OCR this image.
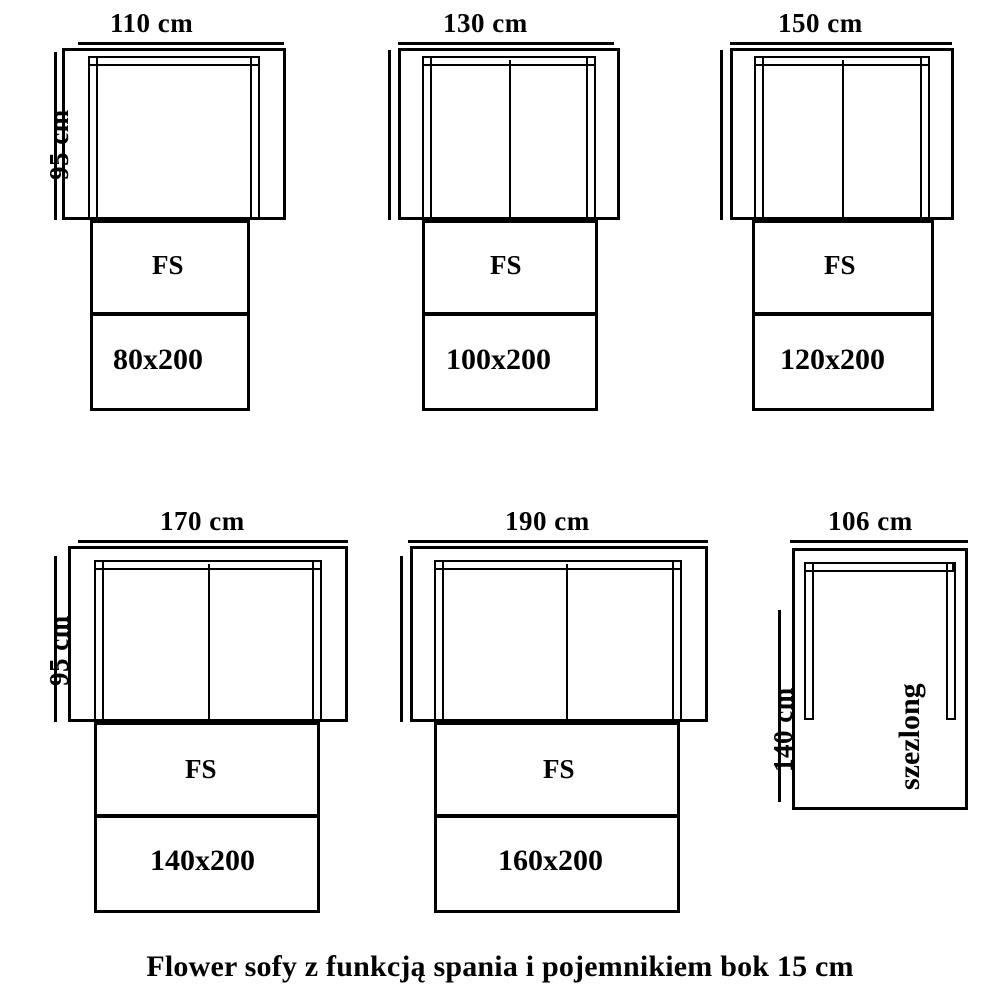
110 cm
95 cm
FS
80x200
130 cm
FS
100x200
150 cm
FS
120x200
170 cm
95 cm
FS
140x200
190 cm
FS
160x200
106 cm
140 cm	szezlong
Flower sofy z funkcją spania i pojemnikiem bok 15 cm
